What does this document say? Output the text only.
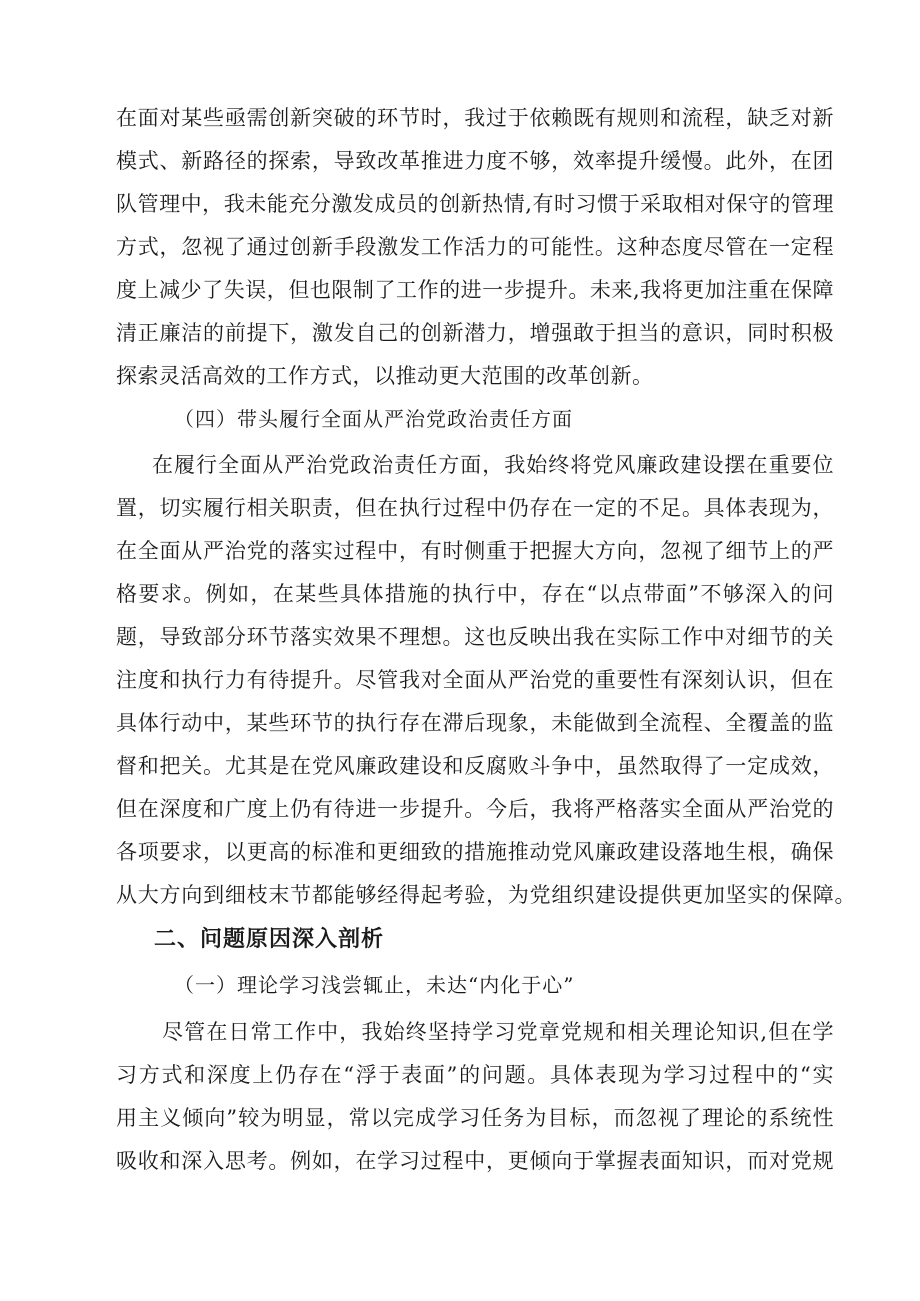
在面对某些亟需创新突破的环节时，我过于依赖既有规则和流程，缺乏对新

模式、新路径的探索，导致改革推进力度不够，效率提升缓慢。此外，在团

队管理中，我未能充分激发成员的创新热情,有时习惯于采取相对保守的管理

方式，忽视了通过创新手段激发工作活力的可能性。这种态度尽管在一定程

度上减少了失误，但也限制了工作的进一步提升。未来,我将更加注重在保障

清正廉洁的前提下，激发自己的创新潜力，增强敢于担当的意识，同时积极

探索灵活高效的工作方式，以推动更大范围的改革创新。

（四）带头履行全面从严治党政治责任方面

在履行全面从严治党政治责任方面，我始终将党风廉政建设摆在重要位

置，切实履行相关职责，但在执行过程中仍存在一定的不足。具体表现为，

在全面从严治党的落实过程中，有时侧重于把握大方向，忽视了细节上的严

格要求。例如，在某些具体措施的执行中，存在“以点带面”不够深入的问

题，导致部分环节落实效果不理想。这也反映出我在实际工作中对细节的关

注度和执行力有待提升。尽管我对全面从严治党的重要性有深刻认识，但在

具体行动中，某些环节的执行存在滞后现象，未能做到全流程、全覆盖的监

督和把关。尤其是在党风廉政建设和反腐败斗争中，虽然取得了一定成效，

但在深度和广度上仍有待进一步提升。今后，我将严格落实全面从严治党的

各项要求，以更高的标准和更细致的措施推动党风廉政建设落地生根，确保

从大方向到细枝末节都能够经得起考验，为党组织建设提供更加坚实的保障。

二、问题原因深入剖析

（一）理论学习浅尝辄止，未达“内化于心”

尽管在日常工作中，我始终坚持学习党章党规和相关理论知识,但在学

习方式和深度上仍存在“浮于表面”的问题。具体表现为学习过程中的“实

用主义倾向”较为明显，常以完成学习任务为目标，而忽视了理论的系统性

吸收和深入思考。例如，在学习过程中，更倾向于掌握表面知识，而对党规
